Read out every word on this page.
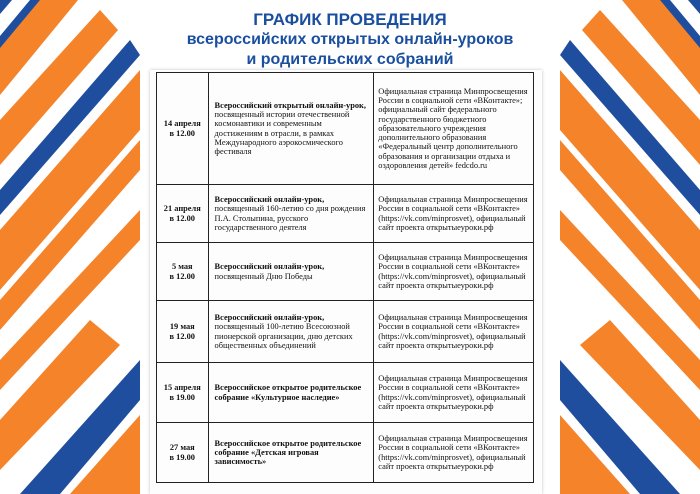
ГРАФИК ПРОВЕДЕНИЯ
всероссийских открытых онлайн-уроков
и родительских собраний
14 апреля
в 12.00	Всероссийский открытый онлайн-урок, посвященный истории отечественной космонавтики и современным достижениям в отрасли, в рамках Международного аэрокосмического фестиваля	Официальная страница Минпросвещения России в социальной сети «ВКонтакте»; официальный сайт федерального государственного бюджетного образовательного учреждения дополнительного образования «Федеральный центр дополнительного образования и организации отдыха и оздоровления детей» fedcdo.ru
21 апреля
в 12.00	Всероссийский онлайн-урок, посвященный 160-летию со дня рождения П.А. Столыпина, русского государственного деятеля	Официальная страница Минпросвещения России в социальной сети «ВКонтакте» (https://vk.com/minprosvet), официальный сайт проекта открытыеуроки.рф
5 мая
в 12.00	Всероссийский онлайн-урок, посвященный Дню Победы	Официальная страница Минпросвещения России в социальной сети «ВКонтакте» (https://vk.com/minprosvet), официальный сайт проекта открытыеуроки.рф
19 мая
в 12.00	Всероссийский онлайн-урок, посвященный 100-летию Всесоюзной пионерской организации, дню детских общественных объединений	Официальная страница Минпросвещения России в социальной сети «ВКонтакте» (https://vk.com/minprosvet), официальный сайт проекта открытыеуроки.рф
15 апреля
в 19.00	Всероссийское открытое родительское собрание «Культурное наследие»	Официальная страница Минпросвещения России в социальной сети «ВКонтакте» (https://vk.com/minprosvet), официальный сайт проекта открытыеуроки.рф
27 мая
в 19.00	Всероссийское открытое родительское собрание «Детская игровая зависимость»	Официальная страница Минпросвещения России в социальной сети «ВКонтакте» (https://vk.com/minprosvet), официальный сайт проекта открытыеуроки.рф
